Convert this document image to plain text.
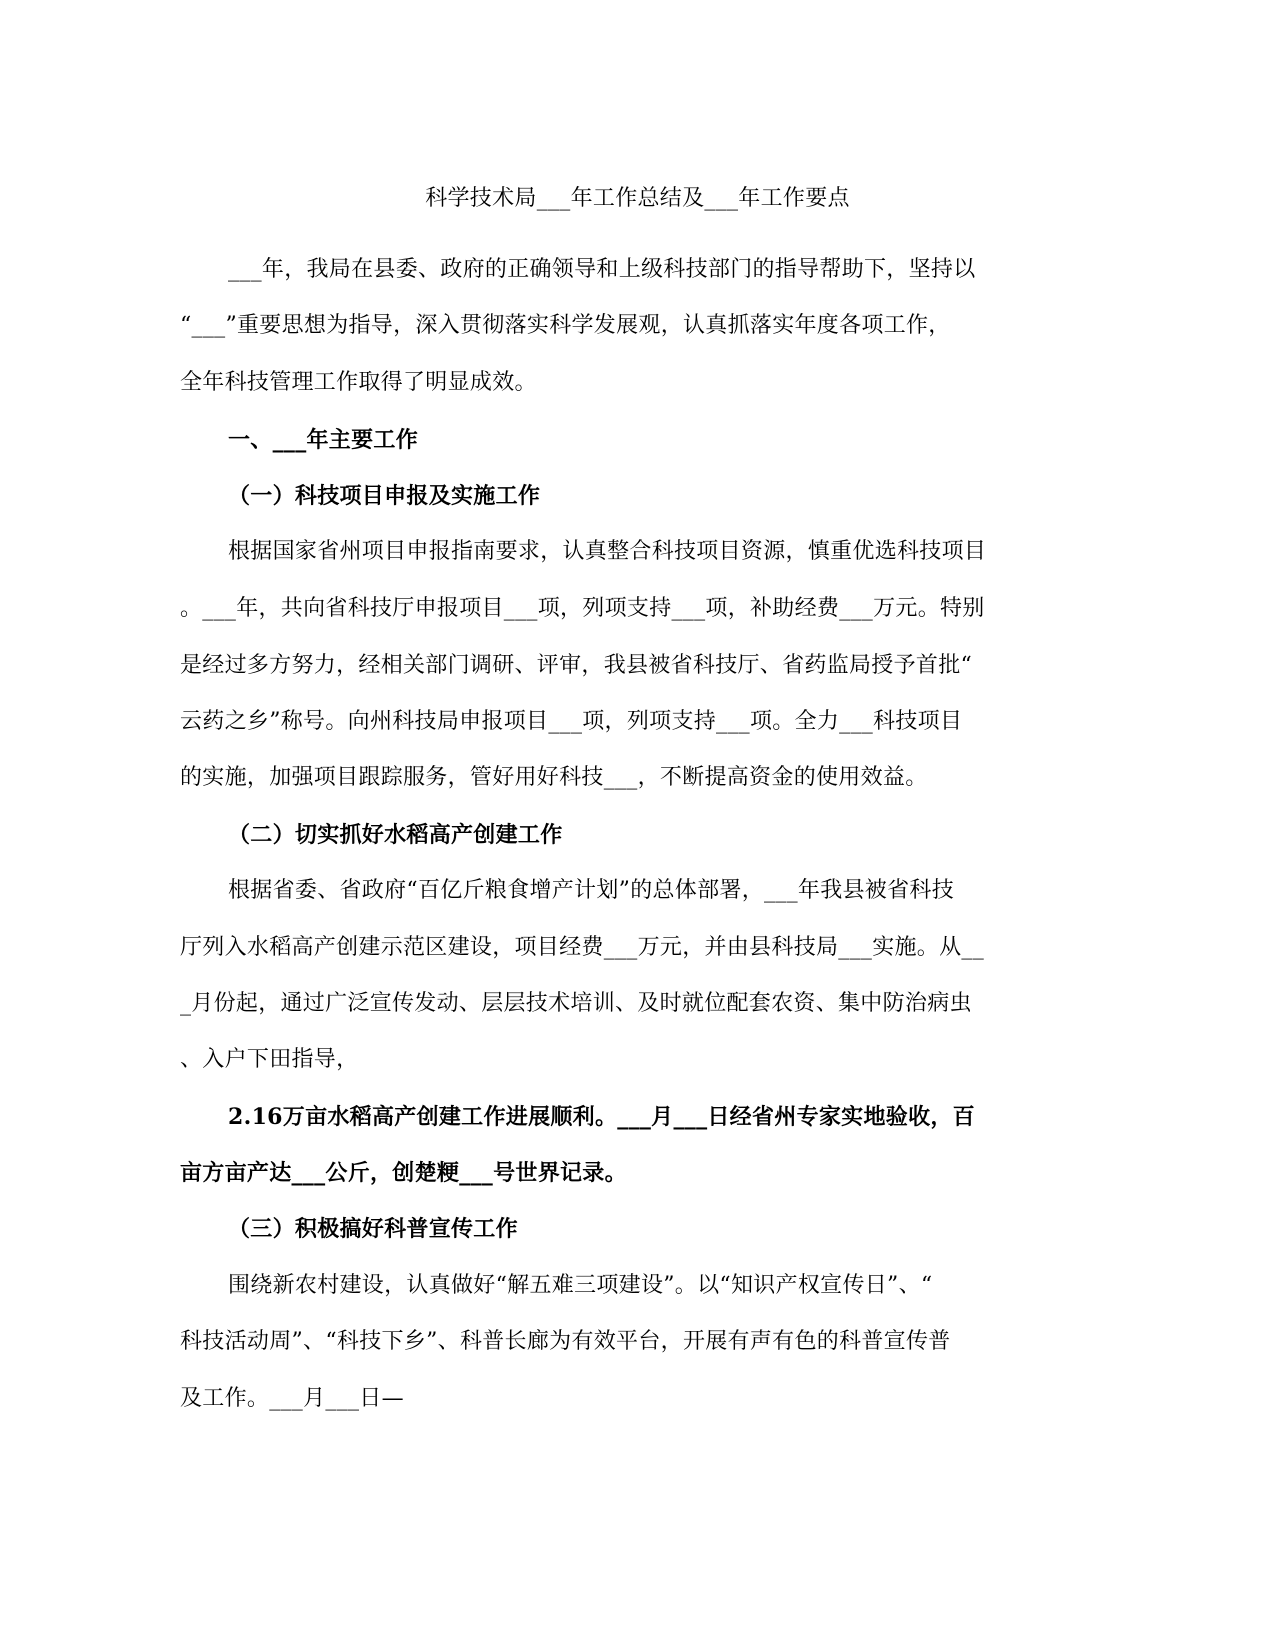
科学技术局___年工作总结及___年工作要点

___年，我局在县委、政府的正确领导和上级科技部门的指导帮助下，坚持以

“___”重要思想为指导，深入贯彻落实科学发展观，认真抓落实年度各项工作，

全年科技管理工作取得了明显成效。

一、___年主要工作

（一）科技项目申报及实施工作

根据国家省州项目申报指南要求，认真整合科技项目资源，慎重优选科技项目

。___年，共向省科技厅申报项目___项，列项支持___项，补助经费___万元。特别

是经过多方努力，经相关部门调研、评审，我县被省科技厅、省药监局授予首批“

云药之乡”称号。向州科技局申报项目___项，列项支持___项。全力___科技项目

的实施，加强项目跟踪服务，管好用好科技___，不断提高资金的使用效益。

（二）切实抓好水稻高产创建工作

根据省委、省政府“百亿斤粮食增产计划”的总体部署，___年我县被省科技

厅列入水稻高产创建示范区建设，项目经费___万元，并由县科技局___实施。从__

_月份起，通过广泛宣传发动、层层技术培训、及时就位配套农资、集中防治病虫

、入户下田指导，

2.16万亩水稻高产创建工作进展顺利。___月___日经省州专家实地验收，百

亩方亩产达___公斤，创楚粳___号世界记录。

（三）积极搞好科普宣传工作

围绕新农村建设，认真做好“解五难三项建设”。以“知识产权宣传日”、“

科技活动周”、“科技下乡”、科普长廊为有效平台，开展有声有色的科普宣传普

及工作。___月___日—
